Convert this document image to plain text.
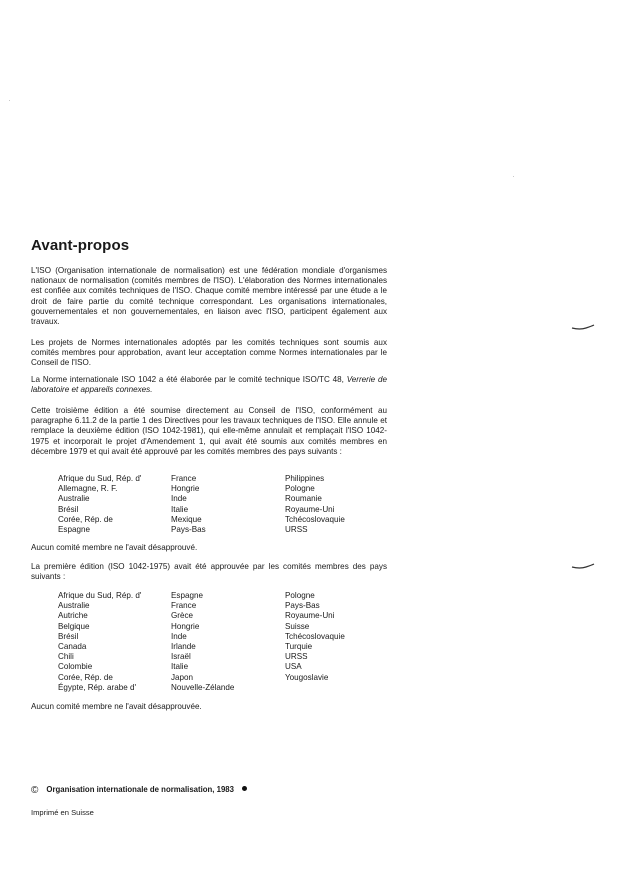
Avant-propos
L'ISO (Organisation internationale de normalisation) est une fédération mondiale d'organismes nationaux de normalisation (comités membres de l'ISO). L'élaboration des Normes internationales est confiée aux comités techniques de l'ISO. Chaque comité membre intéressé par une étude a le droit de faire partie du comité technique correspondant. Les organisations internationales, gouvernementales et non gouvernementales, en liaison avec l'ISO, participent également aux travaux.
Les projets de Normes internationales adoptés par les comités techniques sont soumis aux comités membres pour approbation, avant leur acceptation comme Normes internationales par le Conseil de l'ISO.
La Norme internationale ISO 1042 a été élaborée par le comité technique ISO/TC 48, Verrerie de laboratoire et appareils connexes.
Cette troisième édition a été soumise directement au Conseil de l'ISO, conformément au paragraphe 6.11.2 de la partie 1 des Directives pour les travaux techniques de l'ISO. Elle annule et remplace la deuxième édition (ISO 1042-1981), qui elle-même annulait et remplaçait l'ISO 1042-1975 et incorporait le projet d'Amendement 1, qui avait été soumis aux comités membres en décembre 1979 et qui avait été approuvé par les comités membres des pays suivants :
Afrique du Sud, Rép. d'
Allemagne, R. F.
Australie
Brésil
Corée, Rép. de
Espagne
France
Hongrie
Inde
Italie
Mexique
Pays-Bas
Philippines
Pologne
Roumanie
Royaume-Uni
Tchécoslovaquie
URSS
Aucun comité membre ne l'avait désapprouvé.
La première édition (ISO 1042-1975) avait été approuvée par les comités membres des pays suivants :
Afrique du Sud, Rép. d'
Australie
Autriche
Belgique
Brésil
Canada
Chili
Colombie
Corée, Rép. de
Égypte, Rép. arabe d'
Espagne
France
Grèce
Hongrie
Inde
Irlande
Israël
Italie
Japon
Nouvelle-Zélande
Pologne
Pays-Bas
Royaume-Uni
Suisse
Tchécoslovaquie
Turquie
URSS
USA
Yougoslavie
Aucun comité membre ne l'avait désapprouvée.
© Organisation internationale de normalisation, 1983
Imprimé en Suisse
